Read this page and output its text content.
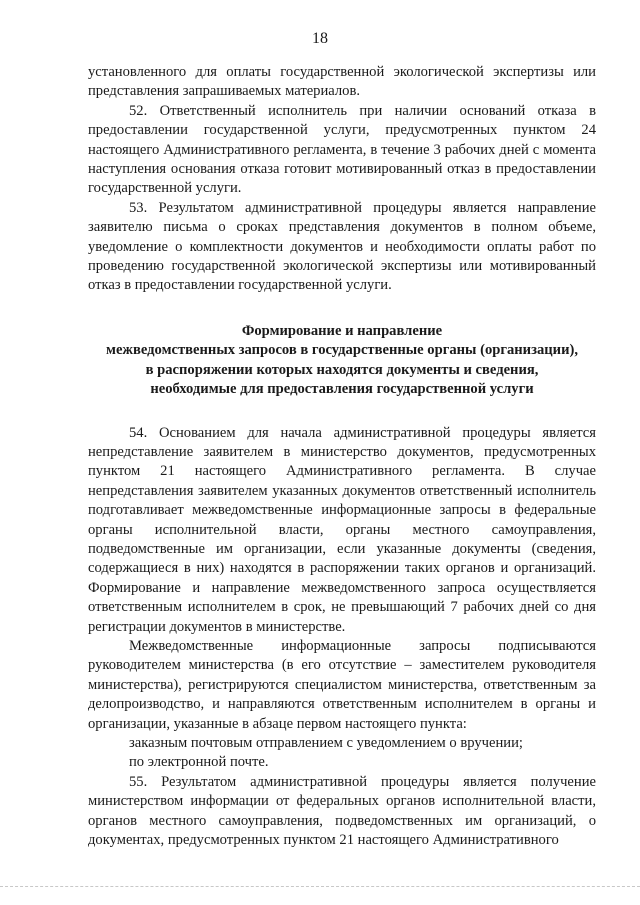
18

установленного для оплаты государственной экологической экспертизы или представления запрашиваемых материалов.

52. Ответственный исполнитель при наличии оснований отказа в предоставлении государственной услуги, предусмотренных пунктом 24 настоящего Административного регламента, в течение 3 рабочих дней с момента наступления основания отказа готовит мотивированный отказ в предоставлении государственной услуги.

53. Результатом административной процедуры является направление заявителю письма о сроках представления документов в полном объеме, уведомление о комплектности документов и необходимости оплаты работ по проведению государственной экологической экспертизы или мотивированный отказ в предоставлении государственной услуги.

Формирование и направление
межведомственных запросов в государственные органы (организации),
в распоряжении которых находятся документы и сведения,
необходимые для предоставления государственной услуги

54. Основанием для начала административной процедуры является непредставление заявителем в министерство документов, предусмотренных пунктом 21 настоящего Административного регламента. В случае непредставления заявителем указанных документов ответственный исполнитель подготавливает межведомственные информационные запросы в федеральные органы исполнительной власти, органы местного самоуправления, подведомственные им организации, если указанные документы (сведения, содержащиеся в них) находятся в распоряжении таких органов и организаций. Формирование и направление межведомственного запроса осуществляется ответственным исполнителем в срок, не превышающий 7 рабочих дней со дня регистрации документов в министерстве.

Межведомственные информационные запросы подписываются руководителем министерства (в его отсутствие – заместителем руководителя министерства), регистрируются специалистом министерства, ответственным за делопроизводство, и направляются ответственным исполнителем в органы и организации, указанные в абзаце первом настоящего пункта:

заказным почтовым отправлением с уведомлением о вручении;

по электронной почте.

55. Результатом административной процедуры является получение министерством информации от федеральных органов исполнительной власти, органов местного самоуправления, подведомственных им организаций, о документах, предусмотренных пунктом 21 настоящего Административного
